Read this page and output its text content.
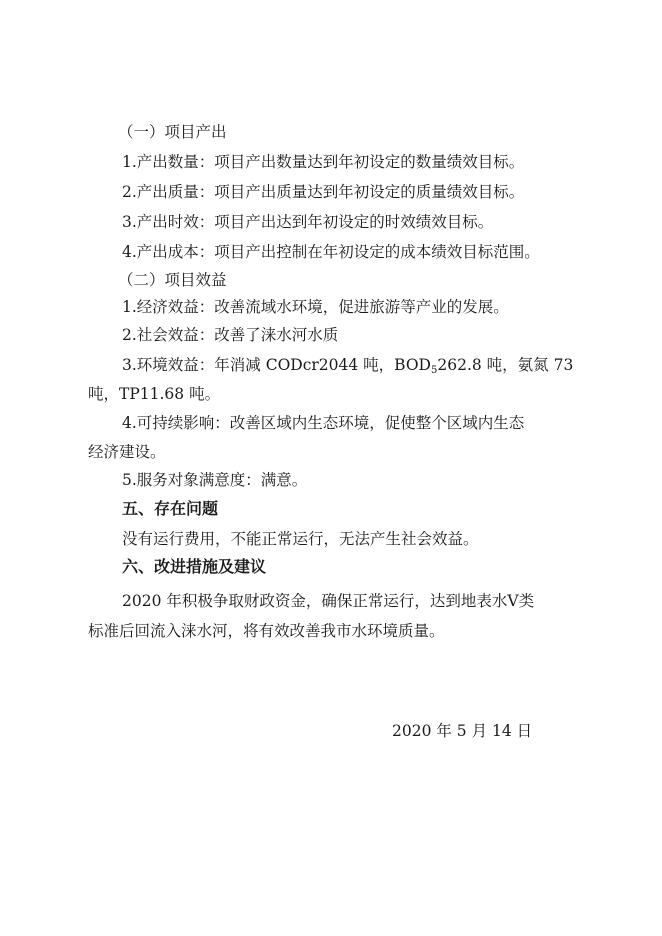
（一）项目产出
1.产出数量：项目产出数量达到年初设定的数量绩效目标。
2.产出质量：项目产出质量达到年初设定的质量绩效目标。
3.产出时效：项目产出达到年初设定的时效绩效目标。
4.产出成本：项目产出控制在年初设定的成本绩效目标范围。
（二）项目效益
1.经济效益：改善流域水环境，促进旅游等产业的发展。
2.社会效益：改善了涞水河水质
3.环境效益：年消减 CODcr2044 吨，BOD5262.8 吨，氨氮 73
吨，TP11.68 吨。
4.可持续影响：改善区域内生态环境，促使整个区域内生态
经济建设。
5.服务对象满意度：满意。
五、存在问题
没有运行费用，不能正常运行，无法产生社会效益。
六、改进措施及建议
2020 年积极争取财政资金，确保正常运行，达到地表水Ⅴ类
标准后回流入涞水河，将有效改善我市水环境质量。
2020 年 5 月 14 日
